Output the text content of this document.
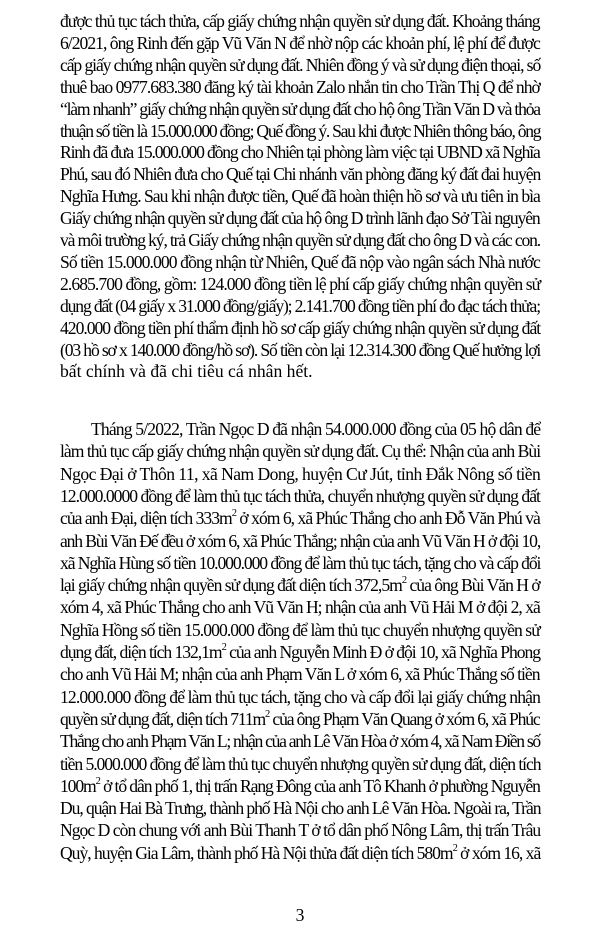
được thủ tục tách thửa, cấp giấy chứng nhận quyền sử dụng đất. Khoảng tháng
6/2021, ông Rinh đến gặp Vũ Văn N để nhờ nộp các khoản phí, lệ phí để được
cấp giấy chứng nhận quyền sử dụng đất. Nhiên đồng ý và sử dụng điện thoại, số
thuê bao 0977.683.380 đăng ký tài khoản Zalo nhắn tin cho Trần Thị Q để nhờ
“làm nhanh” giấy chứng nhận quyền sử dụng đất cho hộ ông Trần Văn D và thỏa
thuận số tiền là 15.000.000 đồng; Quế đồng ý. Sau khi được Nhiên thông báo, ông
Rinh đã đưa 15.000.000 đồng cho Nhiên tại phòng làm việc tại UBND xã Nghĩa
Phú, sau đó Nhiên đưa cho Quế tại Chi nhánh văn phòng đăng ký đất đai huyện
Nghĩa Hưng. Sau khi nhận được tiền, Quế đã hoàn thiện hồ sơ và ưu tiên in bìa
Giấy chứng nhận quyền sử dụng đất của hộ ông D trình lãnh đạo Sở Tài nguyên
và môi trường ký, trả Giấy chứng nhận quyền sử dụng đất cho ông D và các con.
Số tiền 15.000.000 đồng nhận từ Nhiên, Quế đã nộp vào ngân sách Nhà nước
2.685.700 đồng, gồm: 124.000 đồng tiền lệ phí cấp giấy chứng nhận quyền sử
dụng đất (04 giấy x 31.000 đồng/giấy); 2.141.700 đồng tiền phí đo đạc tách thửa;
420.000 đồng tiền phí thẩm định hồ sơ cấp giấy chứng nhận quyền sử dụng đất
(03 hồ sơ x 140.000 đồng/hồ sơ). Số tiền còn lại 12.314.300 đồng Quế hưởng lợi
bất chính và đã chi tiêu cá nhân hết.
Tháng 5/2022, Trần Ngọc D đã nhận 54.000.000 đồng của 05 hộ dân để
làm thủ tục cấp giấy chứng nhận quyền sử dụng đất. Cụ thể: Nhận của anh Bùi
Ngọc Đại ở Thôn 11, xã Nam Dong, huyện Cư Jút, tỉnh Đắk Nông số tiền
12.000.0000 đồng để làm thủ tục tách thửa, chuyển nhượng quyền sử dụng đất
của anh Đại, diện tích $333m^2$ ở xóm 6, xã Phúc Thắng cho anh Đỗ Văn Phú và
anh Bùi Văn Đế đều ở xóm 6, xã Phúc Thắng; nhận của anh Vũ Văn H ở đội 10,
xã Nghĩa Hùng số tiền 10.000.000 đồng để làm thủ tục tách, tặng cho và cấp đổi
lại giấy chứng nhận quyền sử dụng đất diện tích $372,5m^2$ của ông Bùi Văn H ở
xóm 4, xã Phúc Thắng cho anh Vũ Văn H; nhận của anh Vũ Hải M ở đội 2, xã
Nghĩa Hồng số tiền 15.000.000 đồng để làm thủ tục chuyển nhượng quyền sử
dụng đất, diện tích $132,1m^2$ của anh Nguyễn Minh Đ ở đội 10, xã Nghĩa Phong
cho anh Vũ Hải M; nhận của anh Phạm Văn L ở xóm 6, xã Phúc Thắng số tiền
12.000.000 đồng để làm thủ tục tách, tặng cho và cấp đổi lại giấy chứng nhận
quyền sử dụng đất, diện tích $711m^2$ của ông Phạm Văn Quang ở xóm 6, xã Phúc
Thắng cho anh Phạm Văn L; nhận của anh Lê Văn Hòa ở xóm 4, xã Nam Điền số
tiền 5.000.000 đồng để làm thủ tục chuyển nhượng quyền sử dụng đất, diện tích
$100m^2$ ở tổ dân phố 1, thị trấn Rạng Đông của anh Tô Khanh ở phường Nguyễn
Du, quận Hai Bà Trưng, thành phố Hà Nội cho anh Lê Văn Hòa. Ngoài ra, Trần
Ngọc D còn chung với anh Bùi Thanh T ở tổ dân phố Nông Lâm, thị trấn Trâu
Quỳ, huyện Gia Lâm, thành phố Hà Nội thửa đất diện tích $580m^2$ ở xóm 16, xã
3
